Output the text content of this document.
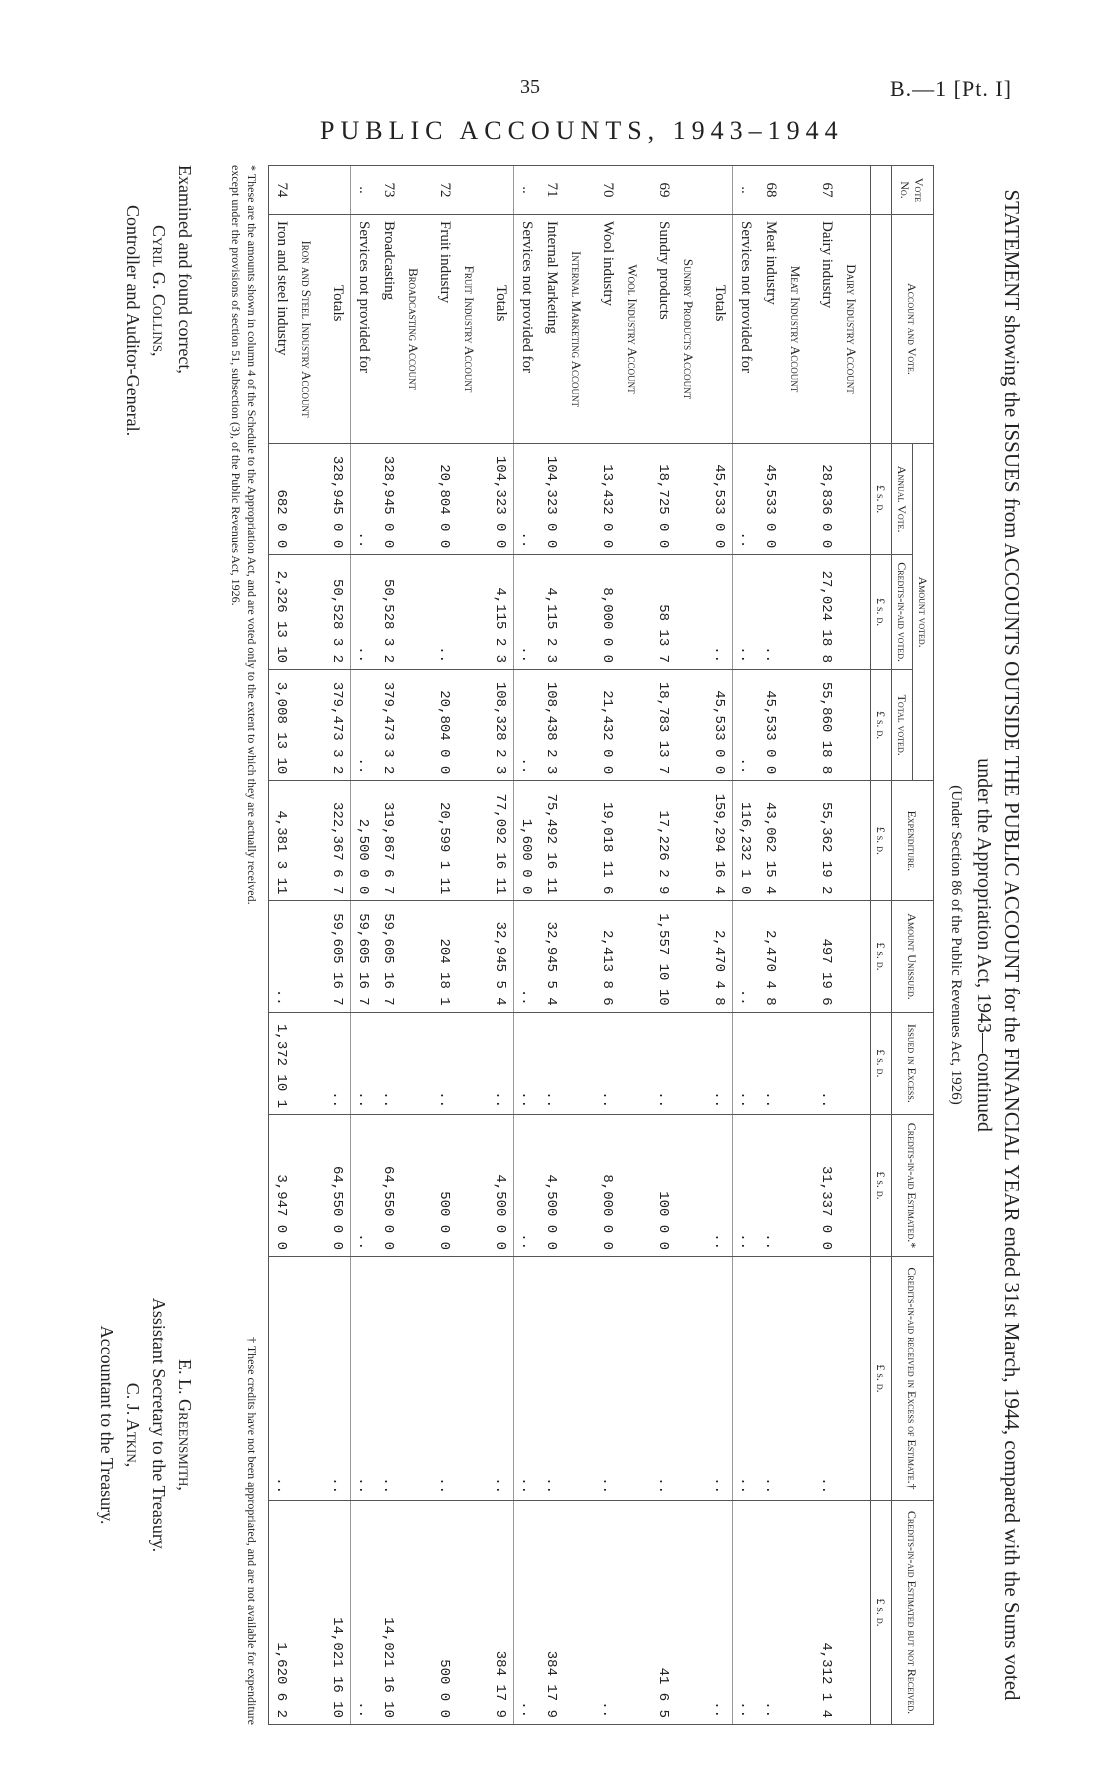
35	B.—1 [Pt. I]
PUBLIC ACCOUNTS, 1943–1944
STATEMENT showing the ISSUES from ACCOUNTS OUTSIDE THE PUBLIC ACCOUNT for the FINANCIAL YEAR ended 31st March, 1944, compared with the Sums voted
under the Appropriation Act, 1943—continued
(Under Section 86 of the Public Revenues Act, 1926)
Vote No.	Account and Vote.	Amount voted.			Expenditure.	Amount Unissued.	Issued in Excess.	Credits-in-aid Estimated.*	Credits-in-aid received in Excess of Estimate.†	Credits-in-aid Estimated but not Received.
		Annual Vote.	Credits-in-aid voted.	Total voted.						
		£ s. d.	£ s. d.	£ s. d.	£ s. d.	£ s. d.	£ s. d.	£ s. d.	£ s. d.	£ s. d.
	Dairy Industry Account									
67	Dairy industry	28,836 0 0	27,024 18 8	55,860 18 8	55,362 19 2	497 19 6	..	31,337 0 0	..	4,312 1 4
	Meat Industry Account									
68	Meat industry	45,533 0 0	..	45,533 0 0	43,062 15 4	2,470 4 8	..	..	..	..
..	Services not provided for	..	..	..	116,232 1 0	..	..	..	..	..
	Totals	45,533 0 0	..	45,533 0 0	159,294 16 4	2,470 4 8	..	..	..	..
	Sundry Products Account									
69	Sundry products	18,725 0 0	58 13 7	18,783 13 7	17,226 2 9	1,557 10 10	..	100 0 0	..	41 6 5
	Wool Industry Account									
70	Wool industry	13,432 0 0	8,000 0 0	21,432 0 0	19,018 11 6	2,413 8 6	..	8,000 0 0	..	..
	Internal Marketing Account									
71	Internal Marketing	104,323 0 0	4,115 2 3	108,438 2 3	75,492 16 11	32,945 5 4	..	4,500 0 0	..	384 17 9
..	Services not provided for	..	..	..	1,600 0 0	..	..	..	..	..
	Totals	104,323 0 0	4,115 2 3	108,328 2 3	77,092 16 11	32,945 5 4	..	4,500 0 0	..	384 17 9
	Fruit Industry Account									
72	Fruit industry	20,804 0 0	..	20,804 0 0	20,599 1 11	204 18 1	..	500 0 0	..	500 0 0
	Broadcasting Account									
73	Broadcasting	328,945 0 0	50,528 3 2	379,473 3 2	319,867 6 7	59,605 16 7	..	64,550 0 0	..	14,021 16 10
..	Services not provided for	..	..	..	2,500 0 0	59,605 16 7	..	..	..	..
	Totals	328,945 0 0	50,528 3 2	379,473 3 2	322,367 6 7	59,605 16 7	..	64,550 0 0	..	14,021 16 10
	Iron and Steel Industry Account									
74	Iron and steel industry	682 0 0	2,326 13 10	3,008 13 10	4,381 3 11	..	1,372 10 1	3,947 0 0	..	1,620 6 2
* These are the amounts shown in column 4 of the Schedule to the Appropriation Act, and are voted only to the extent to which they are actually received.
except under the provisions of section 51, subsection (3), of the Public Revenues Act, 1926.
† These credits have not been appropriated, and are not available for expenditure
Examined and found correct,
Cyril G. Collins,
Controller and Auditor-General.
E. L. Greensmith,
Assistant Secretary to the Treasury.
C. J. Atkin,
Accountant to the Treasury.
